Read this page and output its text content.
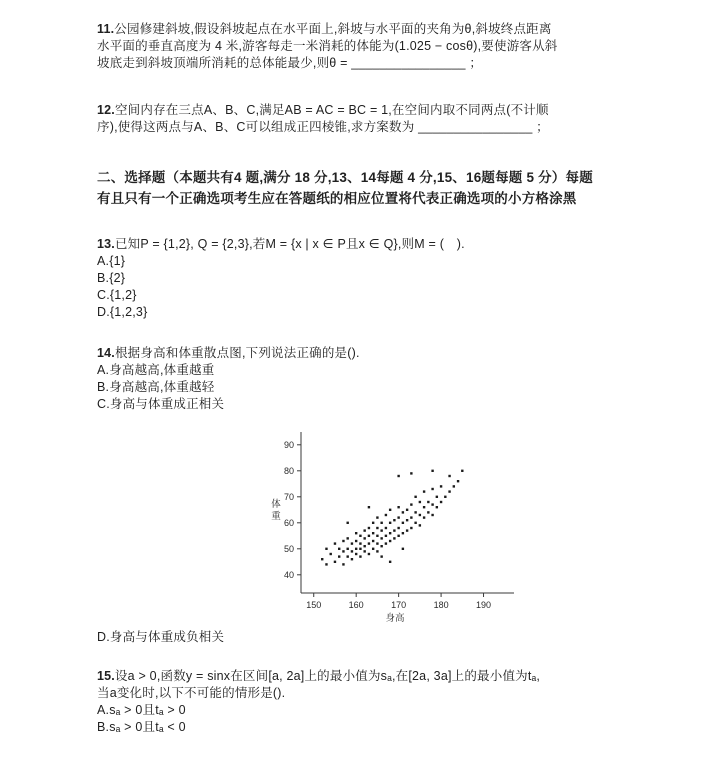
11.公园修建斜坡,假设斜坡起点在水平面上,斜坡与水平面的夹角为θ,斜坡终点距离
水平面的垂直高度为 4 米,游客每走一米消耗的体能为(1.025 − cosθ),要使游客从斜
坡底走到斜坡顶端所消耗的总体能最少,则θ = ________________ ；
12.空间内存在三点A、B、C,满足AB = AC = BC = 1,在空间内取不同两点(不计顺
序),使得这两点与A、B、C可以组成正四棱锥,求方案数为 ________________ ；
二、选择题（本题共有4 题,满分 18 分,13、14每题 4 分,15、16题每题 5 分）每题
有且只有一个正确选项考生应在答题纸的相应位置将代表正确选项的小方格涂黑
13.已知P = {1,2}, Q = {2,3},若M = {x | x ∈ P且x ∈ Q},则M = (　).
A.{1}
B.{2}
C.{1,2}
D.{1,2,3}
14.根据身高和体重散点图,下列说法正确的是().
A.身高越高,体重越重
B.身高越高,体重越轻
C.身高与体重成正相关
40
50
60
70
80
90
150	160	170	180	190
体
重
身高
D.身高与体重成负相关
15.设a > 0,函数y = sinx在区间[a, 2a]上的最小值为sₐ,在[2a, 3a]上的最小值为tₐ,
当a变化时,以下不可能的情形是().
A.sₐ > 0且tₐ > 0
B.sₐ > 0且tₐ < 0
